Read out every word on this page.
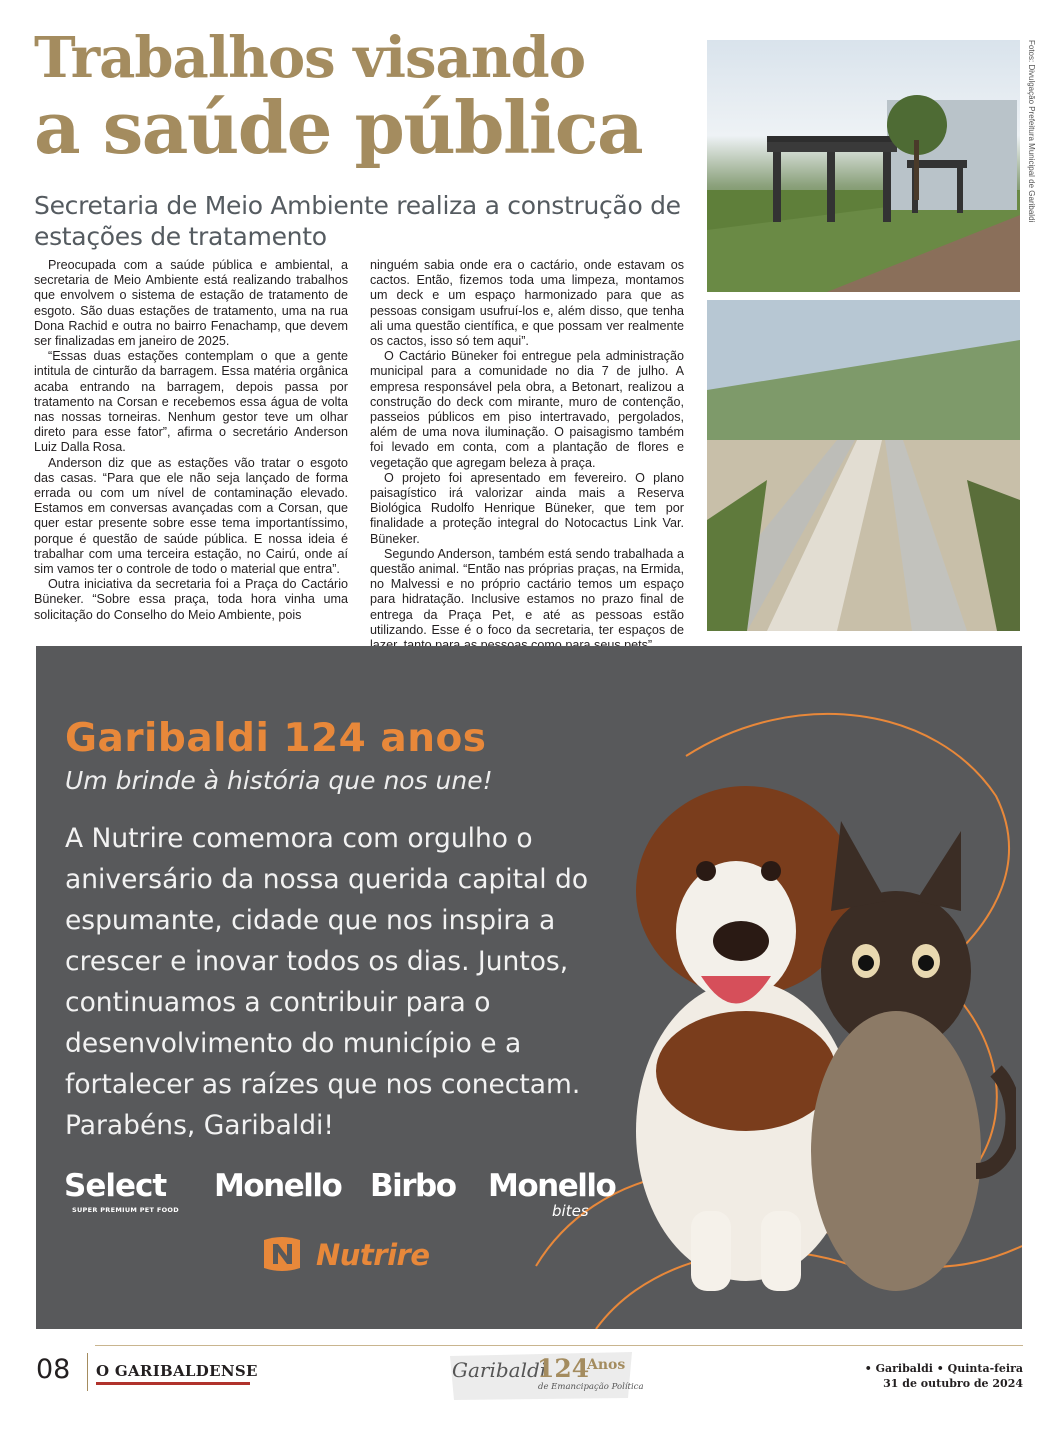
Trabalhos visando
a saúde pública
Secretaria de Meio Ambiente realiza a construção de estações de tratamento

Preocupada com a saúde pública e ambiental, a secretaria de Meio Ambiente está realizando trabalhos que envolvem o sistema de estação de tratamento de esgoto. São duas estações de tratamento, uma na rua Dona Rachid e outra no bairro Fenachamp, que devem ser finalizadas em janeiro de 2025.

“Essas duas estações contemplam o que a gente intitula de cinturão da barragem. Essa matéria orgânica acaba entrando na barragem, depois passa por tratamento na Corsan e recebemos essa água de volta nas nossas torneiras. Nenhum gestor teve um olhar direto para esse fator”, afirma o secretário Anderson Luiz Dalla Rosa.

Anderson diz que as estações vão tratar o esgoto das casas. “Para que ele não seja lançado de forma errada ou com um nível de contaminação elevado. Estamos em conversas avançadas com a Corsan, que quer estar presente sobre esse tema importantíssimo, porque é questão de saúde pública. E nossa ideia é trabalhar com uma terceira estação, no Cairú, onde aí sim vamos ter o controle de todo o material que entra”.

Outra iniciativa da secretaria foi a Praça do Cactário Büneker. “Sobre essa praça, toda hora vinha uma solicitação do Conselho do Meio Ambiente, pois

ninguém sabia onde era o cactário, onde estavam os cactos. Então, fizemos toda uma limpeza, montamos um deck e um espaço harmonizado para que as pessoas consigam usufruí-los e, além disso, que tenha ali uma questão científica, e que possam ver realmente os cactos, isso só tem aqui”.

O Cactário Büneker foi entregue pela administração municipal para a comunidade no dia 7 de julho. A empresa responsável pela obra, a Betonart, realizou a construção do deck com mirante, muro de contenção, passeios públicos em piso intertravado, pergolados, além de uma nova iluminação. O paisagismo também foi levado em conta, com a plantação de flores e vegetação que agregam beleza à praça.

O projeto foi apresentado em fevereiro. O plano paisagístico irá valorizar ainda mais a Reserva Biológica Rudolfo Henrique Büneker, que tem por finalidade a proteção integral do Notocactus Link Var. Büneker.

Segundo Anderson, também está sendo trabalhada a questão animal. “Então nas próprias praças, na Ermida, no Malvessi e no próprio cactário temos um espaço para hidratação. Inclusive estamos no prazo final de entrega da Praça Pet, e até as pessoas estão utilizando. Esse é o foco da secretaria, ter espaços de

Fotos: Divulgação Prefeitura Municipal de Garibaldi
Garibaldi 124 anos
Um brinde à história que nos une!
A Nutrire comemora com orgulho o aniversário da nossa querida capital do espumante, cidade que nos inspira a crescer e inovar todos os dias. Juntos, continuamos a contribuir para o desenvolvimento do município e a fortalecer as raízes que nos conectam. Parabéns, Garibaldi!
Select
SUPER PREMIUM PET FOOD
Monello Birbo Monello
bites
Nutrire
08 O GARIBALDENSE	Garibaldi
124
Anos
de Emancipação Política
• Garibaldi • Quinta-feira
31 de outubro de 2024
